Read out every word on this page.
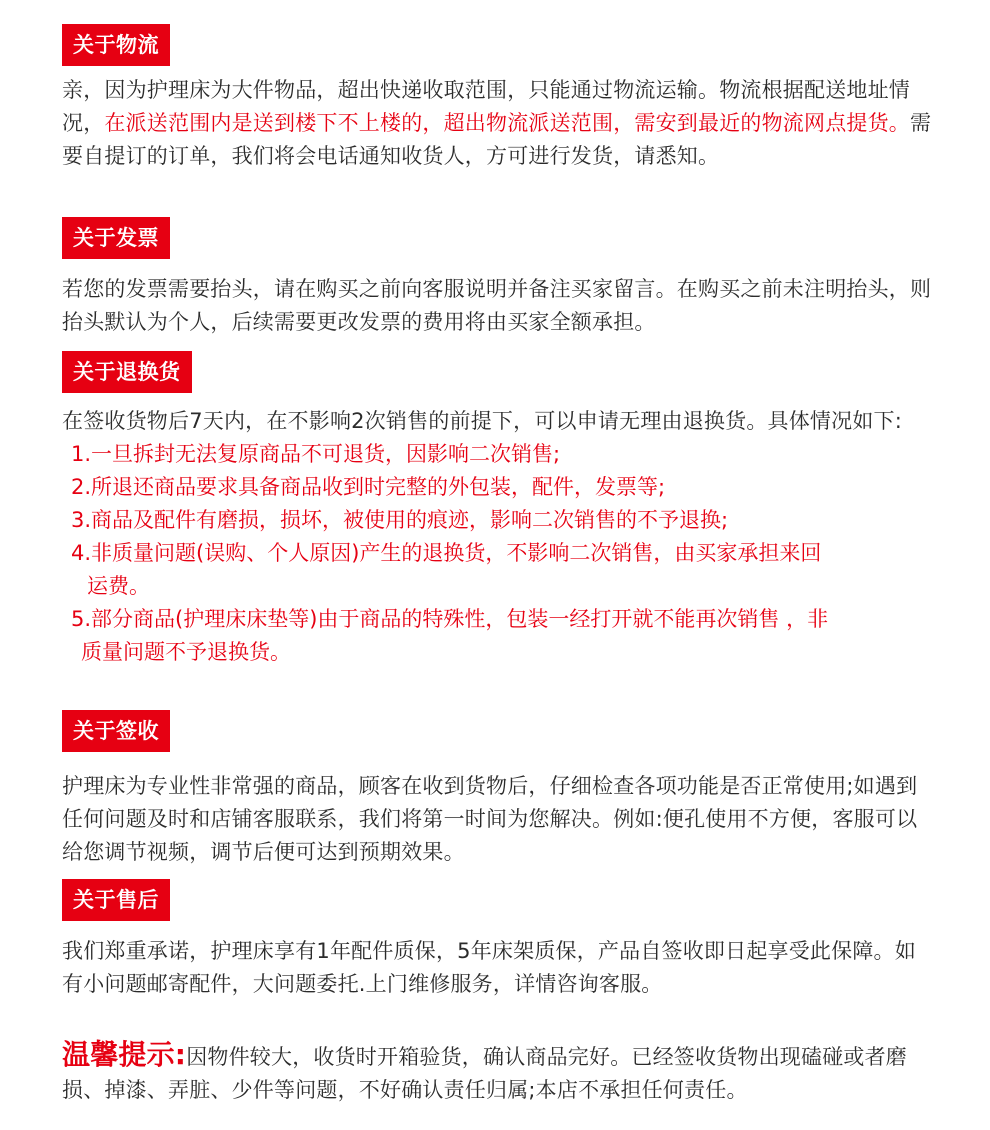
关于物流

亲，因为护理床为大件物品，超出快递收取范围，只能通过物流运输。物流根据配送地址情况，在派送范围内是送到楼下不上楼的，超出物流派送范围，需安到最近的物流网点提货。需要自提订的订单，我们将会电话通知收货人，方可进行发货，请悉知。

关于发票

若您的发票需要抬头，请在购买之前向客服说明并备注买家留言。在购买之前未注明抬头，则抬头默认为个人，后续需要更改发票的费用将由买家全额承担。

关于退换货

在签收货物后7天内，在不影响2次销售的前提下，可以申请无理由退换货。具体情况如下:

1.一旦拆封无法复原商品不可退货，因影响二次销售;
2.所退还商品要求具备商品收到时完整的外包装，配件，发票等;
3.商品及配件有磨损，损坏，被使用的痕迹，影响二次销售的不予退换;
4.非质量问题(误购、个人原因)产生的退换货，不影响二次销售，由买家承担来回
运费。
5.部分商品(护理床床垫等)由于商品的特殊性，包装一经打开就不能再次销售 ，非
质量问题不予退换货。
关于签收

护理床为专业性非常强的商品，顾客在收到货物后，仔细检查各项功能是否正常使用;如遇到任何问题及时和店铺客服联系，我们将第一时间为您解决。例如:便孔使用不方便，客服可以给您调节视频，调节后便可达到预期效果。

关于售后

我们郑重承诺，护理床享有1年配件质保，5年床架质保，产品自签收即日起享受此保障。如有小问题邮寄配件，大问题委托.上门维修服务，详情咨询客服。

温馨提示:因物件较大，收货时开箱验货，确认商品完好。已经签收货物出现磕碰或者磨损、掉漆、弄脏、少件等问题，不好确认责任归属;本店不承担任何责任。
